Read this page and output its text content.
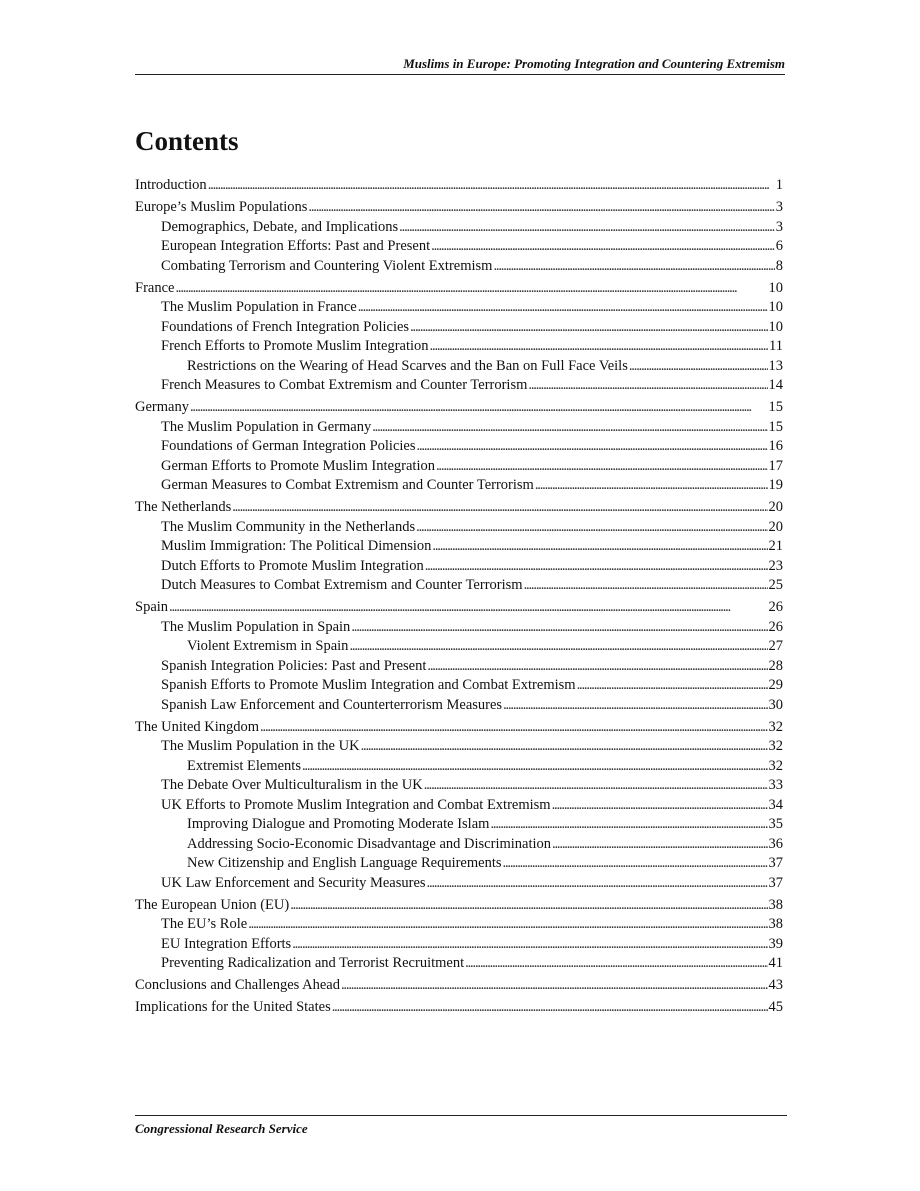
Muslims in Europe: Promoting Integration and Countering Extremism
Contents
Introduction . . .	1
Europe’s Muslim Populations . . .	3
Demographics, Debate, and Implications . . .	3
European Integration Efforts: Past and Present . . .	6
Combating Terrorism and Countering Violent Extremism . . .	8
France . . .	10
The Muslim Population in France . . .	10
Foundations of French Integration Policies . . .	10
French Efforts to Promote Muslim Integration . . .	11
Restrictions on the Wearing of Head Scarves and the Ban on Full Face Veils . . .	13
French Measures to Combat Extremism and Counter Terrorism . . .	14
Germany . . .	15
The Muslim Population in Germany . . .	15
Foundations of German Integration Policies . . .	16
German Efforts to Promote Muslim Integration . . .	17
German Measures to Combat Extremism and Counter Terrorism . . .	19
The Netherlands . . .	20
The Muslim Community in the Netherlands . . .	20
Muslim Immigration: The Political Dimension . . .	21
Dutch Efforts to Promote Muslim Integration . . .	23
Dutch Measures to Combat Extremism and Counter Terrorism . . .	25
Spain . . .	26
The Muslim Population in Spain . . .	26
Violent Extremism in Spain . . .	27
Spanish Integration Policies: Past and Present . . .	28
Spanish Efforts to Promote Muslim Integration and Combat Extremism . . .	29
Spanish Law Enforcement and Counterterrorism Measures . . .	30
The United Kingdom . . .	32
The Muslim Population in the UK . . .	32
Extremist Elements . . .	32
The Debate Over Multiculturalism in the UK . . .	33
UK Efforts to Promote Muslim Integration and Combat Extremism . . .	34
Improving Dialogue and Promoting Moderate Islam . . .	35
Addressing Socio-Economic Disadvantage and Discrimination . . .	36
New Citizenship and English Language Requirements . . .	37
UK Law Enforcement and Security Measures . . .	37
The European Union (EU) . . .	38
The EU’s Role . . .	38
EU Integration Efforts . . .	39
Preventing Radicalization and Terrorist Recruitment . . .	41
Conclusions and Challenges Ahead . . .	43
Implications for the United States . . .	45
Congressional Research Service
